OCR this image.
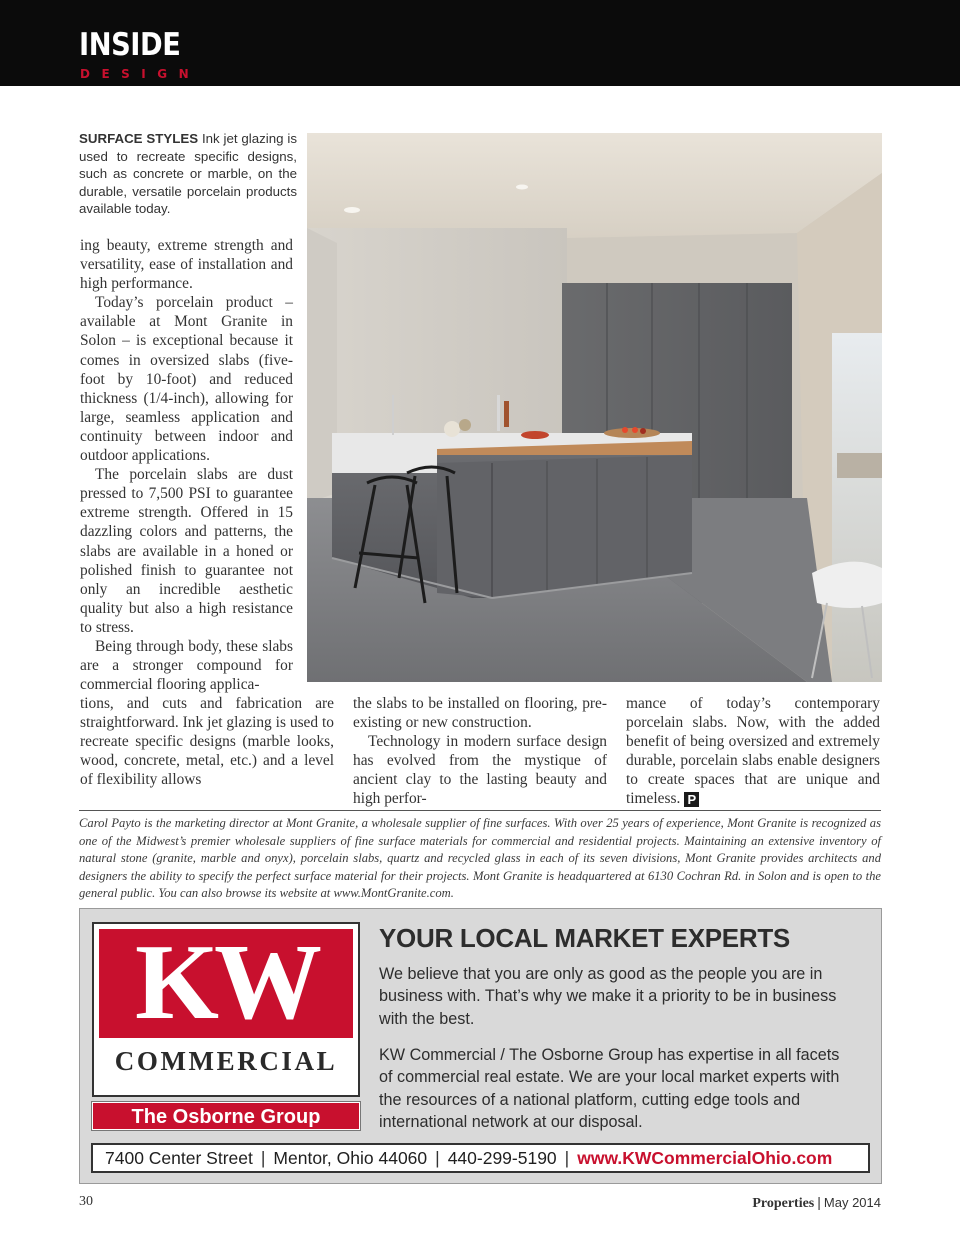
INSIDE
DESIGN
SURFACE STYLES Ink jet glazing is used to recreate specific designs, such as concrete or marble, on the durable, versatile porcelain products available today.

ing beauty, extreme strength and versatility, ease of installation and high performance.

Today’s porcelain product – available at Mont Granite in Solon – is exceptional because it comes in oversized slabs (five-foot by 10-foot) and reduced thickness (1/4-inch), allowing for large, seamless application and continuity between indoor and outdoor applications.

The porcelain slabs are dust pressed to 7,500 PSI to guarantee extreme strength. Offered in 15 dazzling colors and patterns, the slabs are available in a honed or polished finish to guarantee not only an incredible aesthetic quality but also a high resistance to stress.

Being through body, these slabs are a stronger compound for commercial flooring applica-

tions, and cuts and fabrication are straightforward. Ink jet glazing is used to recreate specific designs (marble looks, wood, concrete, metal, etc.) and a level of flexibility allows

the slabs to be installed on flooring, pre-existing or new construction.

Technology in modern surface design has evolved from the mystique of ancient clay to the lasting beauty and high perfor-

mance of today’s contemporary porcelain slabs. Now, with the added benefit of being oversized and extremely durable, porcelain slabs enable designers to create spaces that are unique and timeless. P

Carol Payto is the marketing director at Mont Granite, a wholesale supplier of fine surfaces. With over 25 years of experience, Mont Granite is recognized as one of the Midwest’s premier wholesale suppliers of fine surface materials for commercial and residential projects. Maintaining an extensive inventory of natural stone (granite, marble and onyx), porcelain slabs, quartz and recycled glass in each of its seven divisions, Mont Granite provides architects and designers the ability to specify the perfect surface material for their projects. Mont Granite is headquartered at 6130 Cochran Rd. in Solon and is open to the general public. You can also browse its website at www.MontGranite.com.
KW
COMMERCIAL
The Osborne Group
YOUR LOCAL MARKET EXPERTS
We believe that you are only as good as the people you are in business with. That’s why we make it a priority to be in business with the best.
KW Commercial / The Osborne Group has expertise in all facets of commercial real estate. We are your local market experts with the resources of a national platform, cutting edge tools and international network at our disposal.
7400 Center Street | Mentor, Ohio 44060 | 440-299-5190 | www.KWCommercialOhio.com
30	Properties | May 2014
